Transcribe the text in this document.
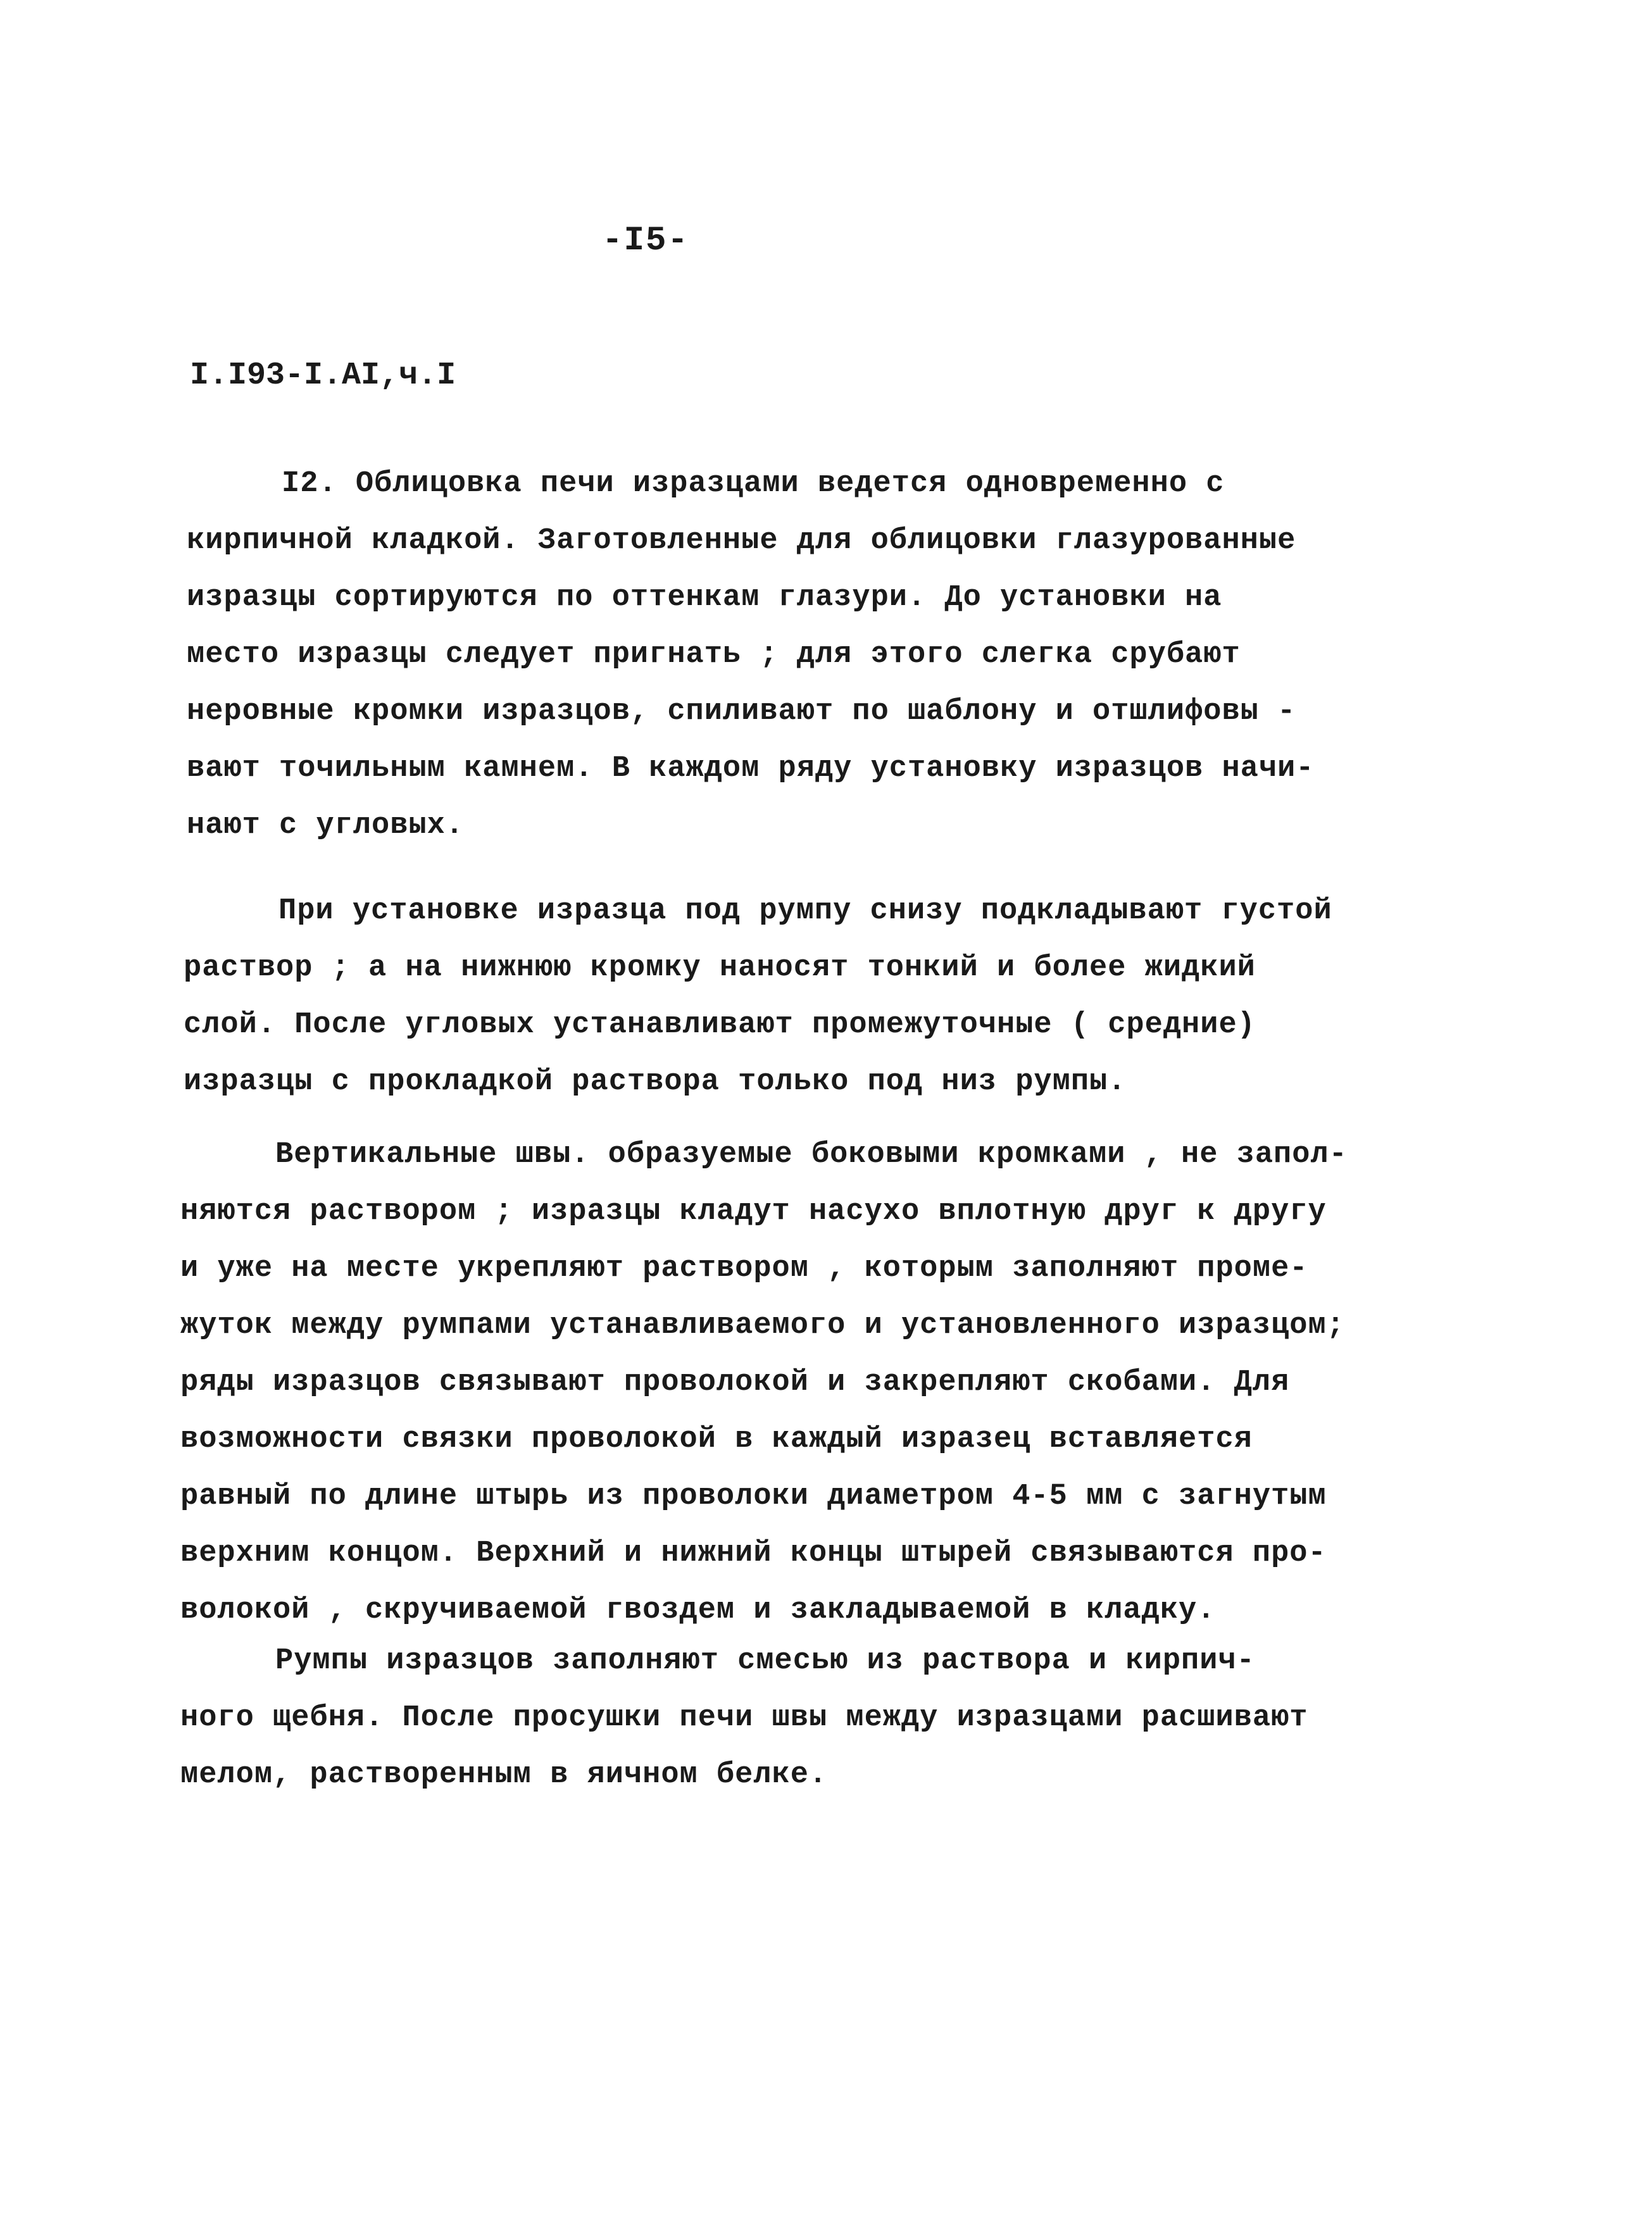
-I5-
I.I93-I.AI,ч.I
I2. Облицовка печи изразцами ведется одновременно с
кирпичной кладкой. Заготовленные для облицовки глазурованные
изразцы сортируются по оттенкам глазури. До установки на
место изразцы следует пригнать ; для этого слегка срубают
неровные кромки изразцов, спиливают по шаблону и отшлифовы -
вают точильным камнем. В каждом ряду установку изразцов начи-
нают с угловых.
При установке изразца под румпу снизу подкладывают густой
раствор ; а на нижнюю кромку наносят тонкий и более жидкий
слой. После угловых устанавливают промежуточные ( средние)
изразцы с прокладкой раствора только под низ румпы.
Вертикальные швы. образуемые боковыми кромками , не запол-
няются раствором ; изразцы кладут насухо вплотную друг к другу
и уже на месте укрепляют раствором , которым заполняют проме-
жуток между румпами устанавливаемого и установленного изразцом;
ряды изразцов связывают проволокой и закрепляют скобами. Для
возможности связки проволокой в каждый изразец вставляется
равный по длине штырь из проволоки диаметром 4-5 мм с загнутым
верхним концом. Верхний и нижний концы штырей связываются про-
волокой , скручиваемой гвоздем и закладываемой в кладку.
Румпы изразцов заполняют смесью из раствора и кирпич-
ного щебня. После просушки печи швы между изразцами расшивают
мелом, растворенным в яичном белке.
